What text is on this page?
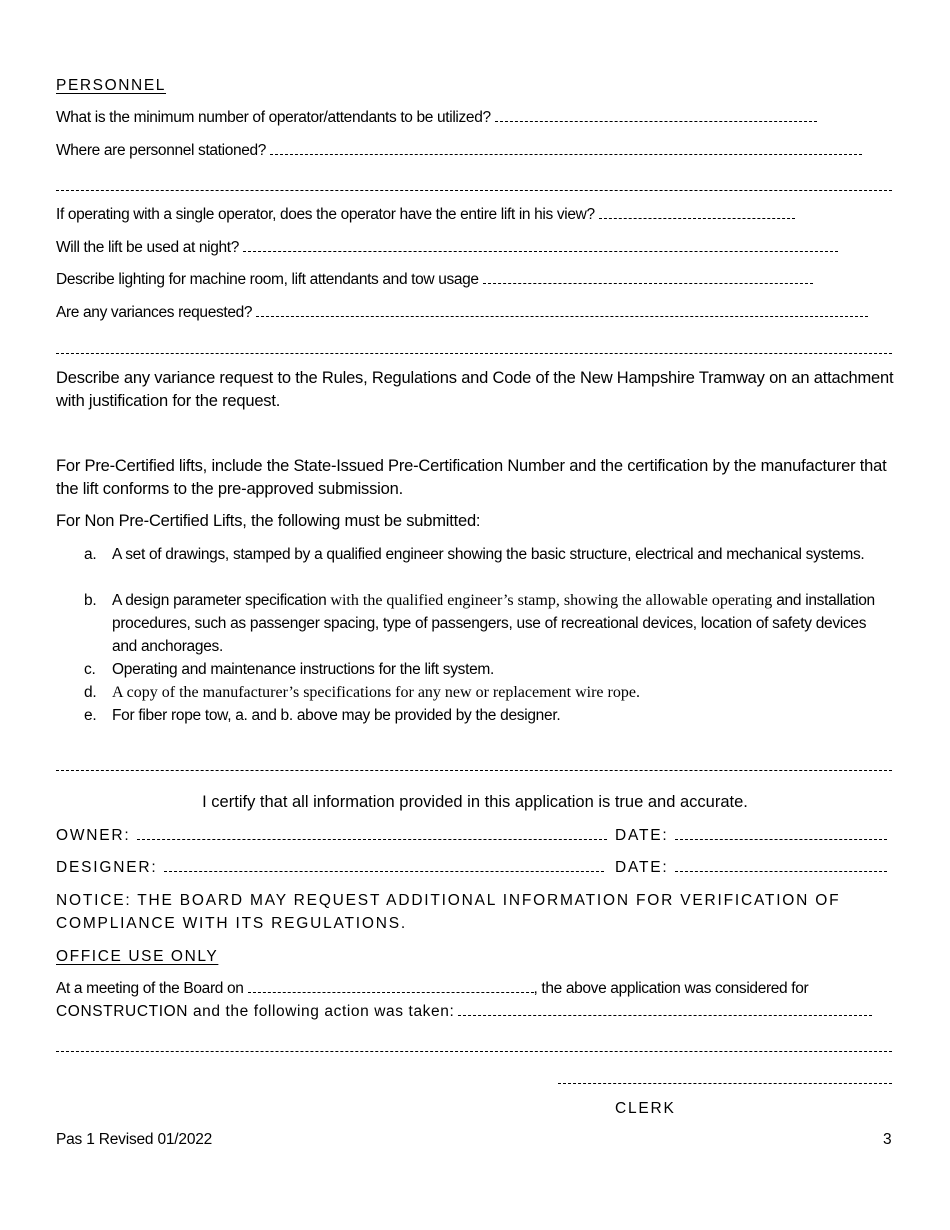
PERSONNEL
What is the minimum number of operator/attendants to be utilized?
Where are personnel stationed?
If operating with a single operator, does the operator have the entire lift in his view?
Will the lift be used at night?
Describe lighting for machine room, lift attendants and tow usage
Are any variances requested?
Describe any variance request to the Rules, Regulations and Code of the New Hampshire Tramway on an attachment with justification for the request.
For Pre-Certified lifts, include the State-Issued Pre-Certification Number and the certification by the manufacturer that the lift conforms to the pre-approved submission.
For Non Pre-Certified Lifts, the following must be submitted:
a. A set of drawings, stamped by a qualified engineer showing the basic structure, electrical and mechanical systems.
b. A design parameter specification with the qualified engineer’s stamp, showing the allowable operating and installation procedures, such as passenger spacing, type of passengers, use of recreational devices, location of safety devices and anchorages.
c. Operating and maintenance instructions for the lift system.
d. A copy of the manufacturer’s specifications for any new or replacement wire rope.
e. For fiber rope tow, a. and b. above may be provided by the designer.
I certify that all information provided in this application is true and accurate.
OWNER:	DATE:
DESIGNER:	DATE:
NOTICE: THE BOARD MAY REQUEST ADDITIONAL INFORMATION FOR VERIFICATION OF
COMPLIANCE WITH ITS REGULATIONS.
OFFICE USE ONLY
At a meeting of the Board on	, the above application was considered for
CONSTRUCTION and the following action was taken:
CLERK
Pas 1 Revised 01/2022	3
